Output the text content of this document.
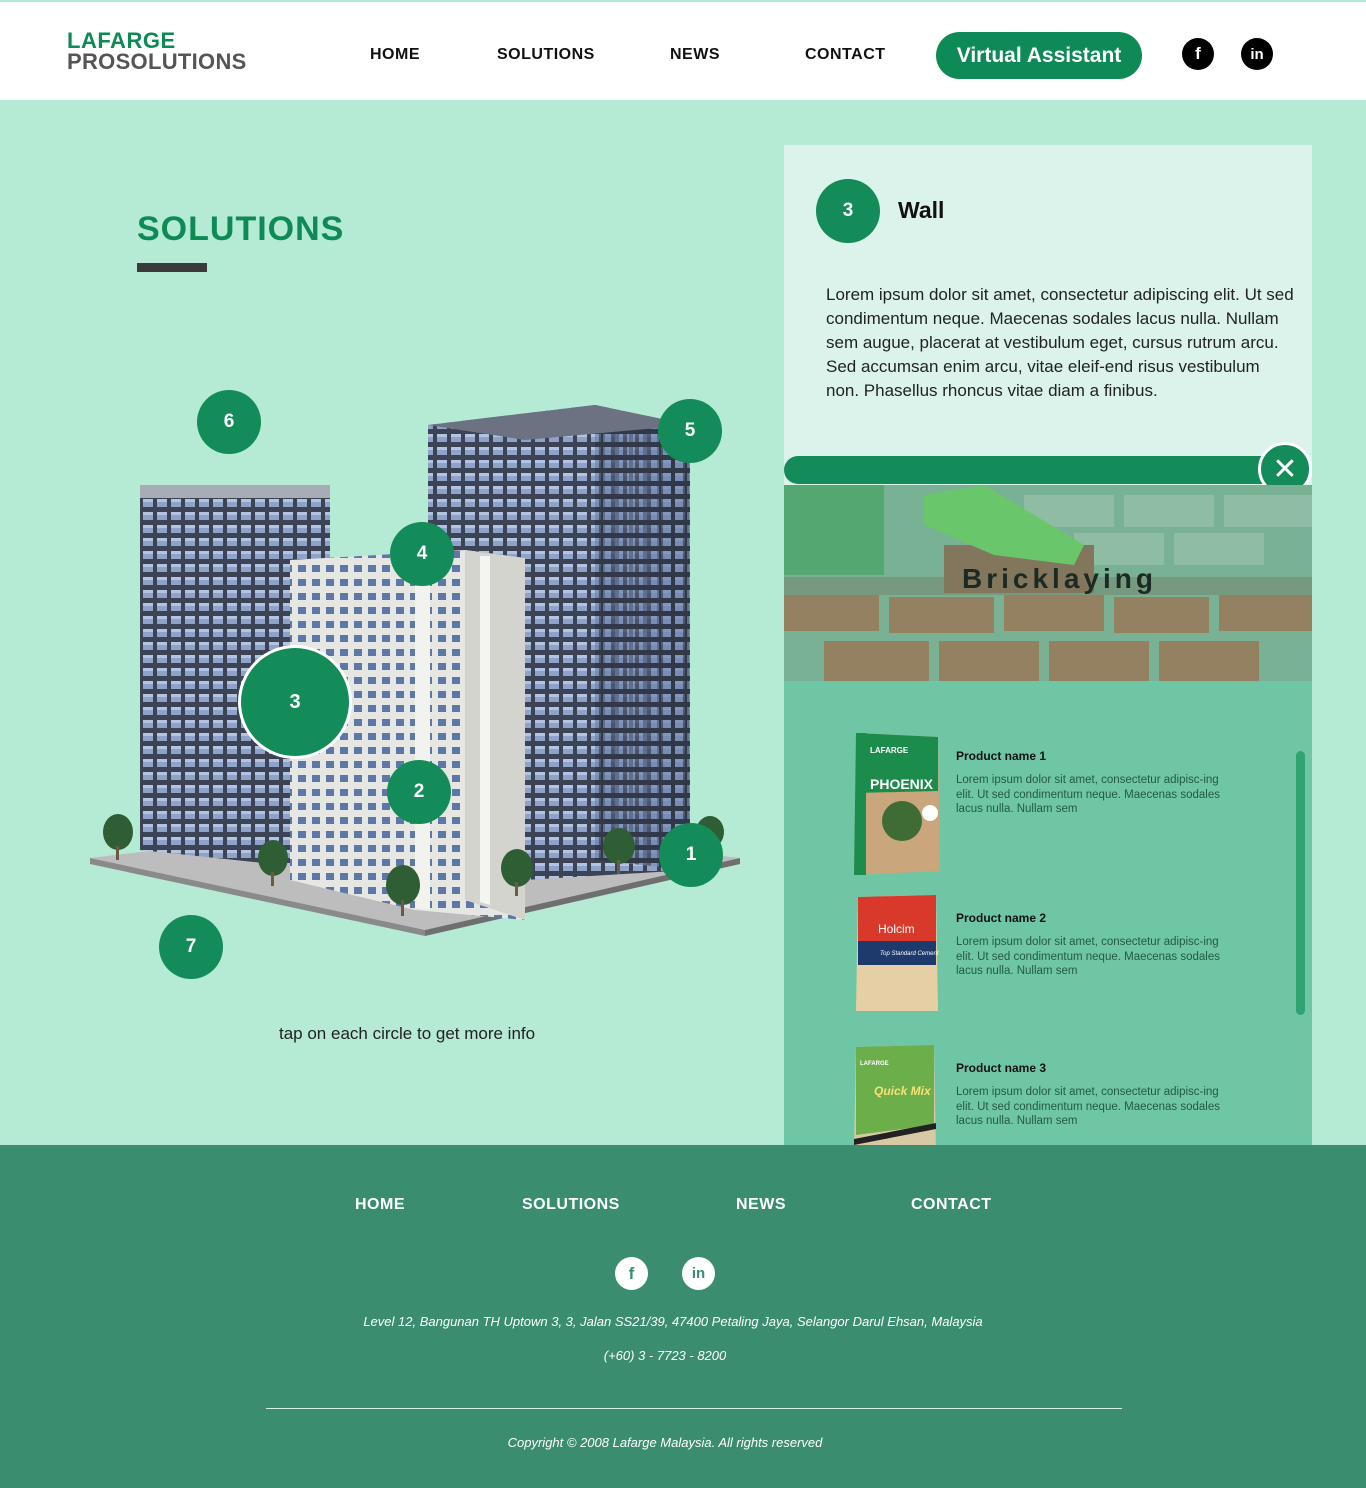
LAFARGE
PROSOLUTIONS	HOME	SOLUTIONS	NEWS	CONTACT	Virtual Assistant	f	in
SOLUTIONS
1
2
3
4
5
6
7

tap on each circle to get more info

3	Wall

Lorem ipsum dolor sit amet, consectetur adipiscing elit. Ut sed condimentum neque. Maecenas sodales lacus nulla. Nullam sem augue, placerat at vestibulum eget, cursus rutrum arcu. Sed accumsan enim arcu, vitae eleif-end risus vestibulum non. Phasellus rhoncus vitae diam a finibus.

✕
Bricklaying
LAFARGE
PHOENIX
Product name 1
Lorem ipsum dolor sit amet, consectetur adipisc-ing elit. Ut sed condimentum neque. Maecenas sodales lacus nulla. Nullam sem
Holcim
Top Standard Cement
Product name 2
Lorem ipsum dolor sit amet, consectetur adipisc-ing elit. Ut sed condimentum neque. Maecenas sodales lacus nulla. Nullam sem
LAFARGE
Quick Mix
Product name 3
Lorem ipsum dolor sit amet, consectetur adipisc-ing elit. Ut sed condimentum neque. Maecenas sodales lacus nulla. Nullam sem
HOME	SOLUTIONS	NEWS	CONTACT
f	in

Level 12, Bangunan TH Uptown 3, 3, Jalan SS21/39, 47400 Petaling Jaya, Selangor Darul Ehsan, Malaysia

(+60) 3 - 7723 - 8200

Copyright © 2008 Lafarge Malaysia. All rights reserved
